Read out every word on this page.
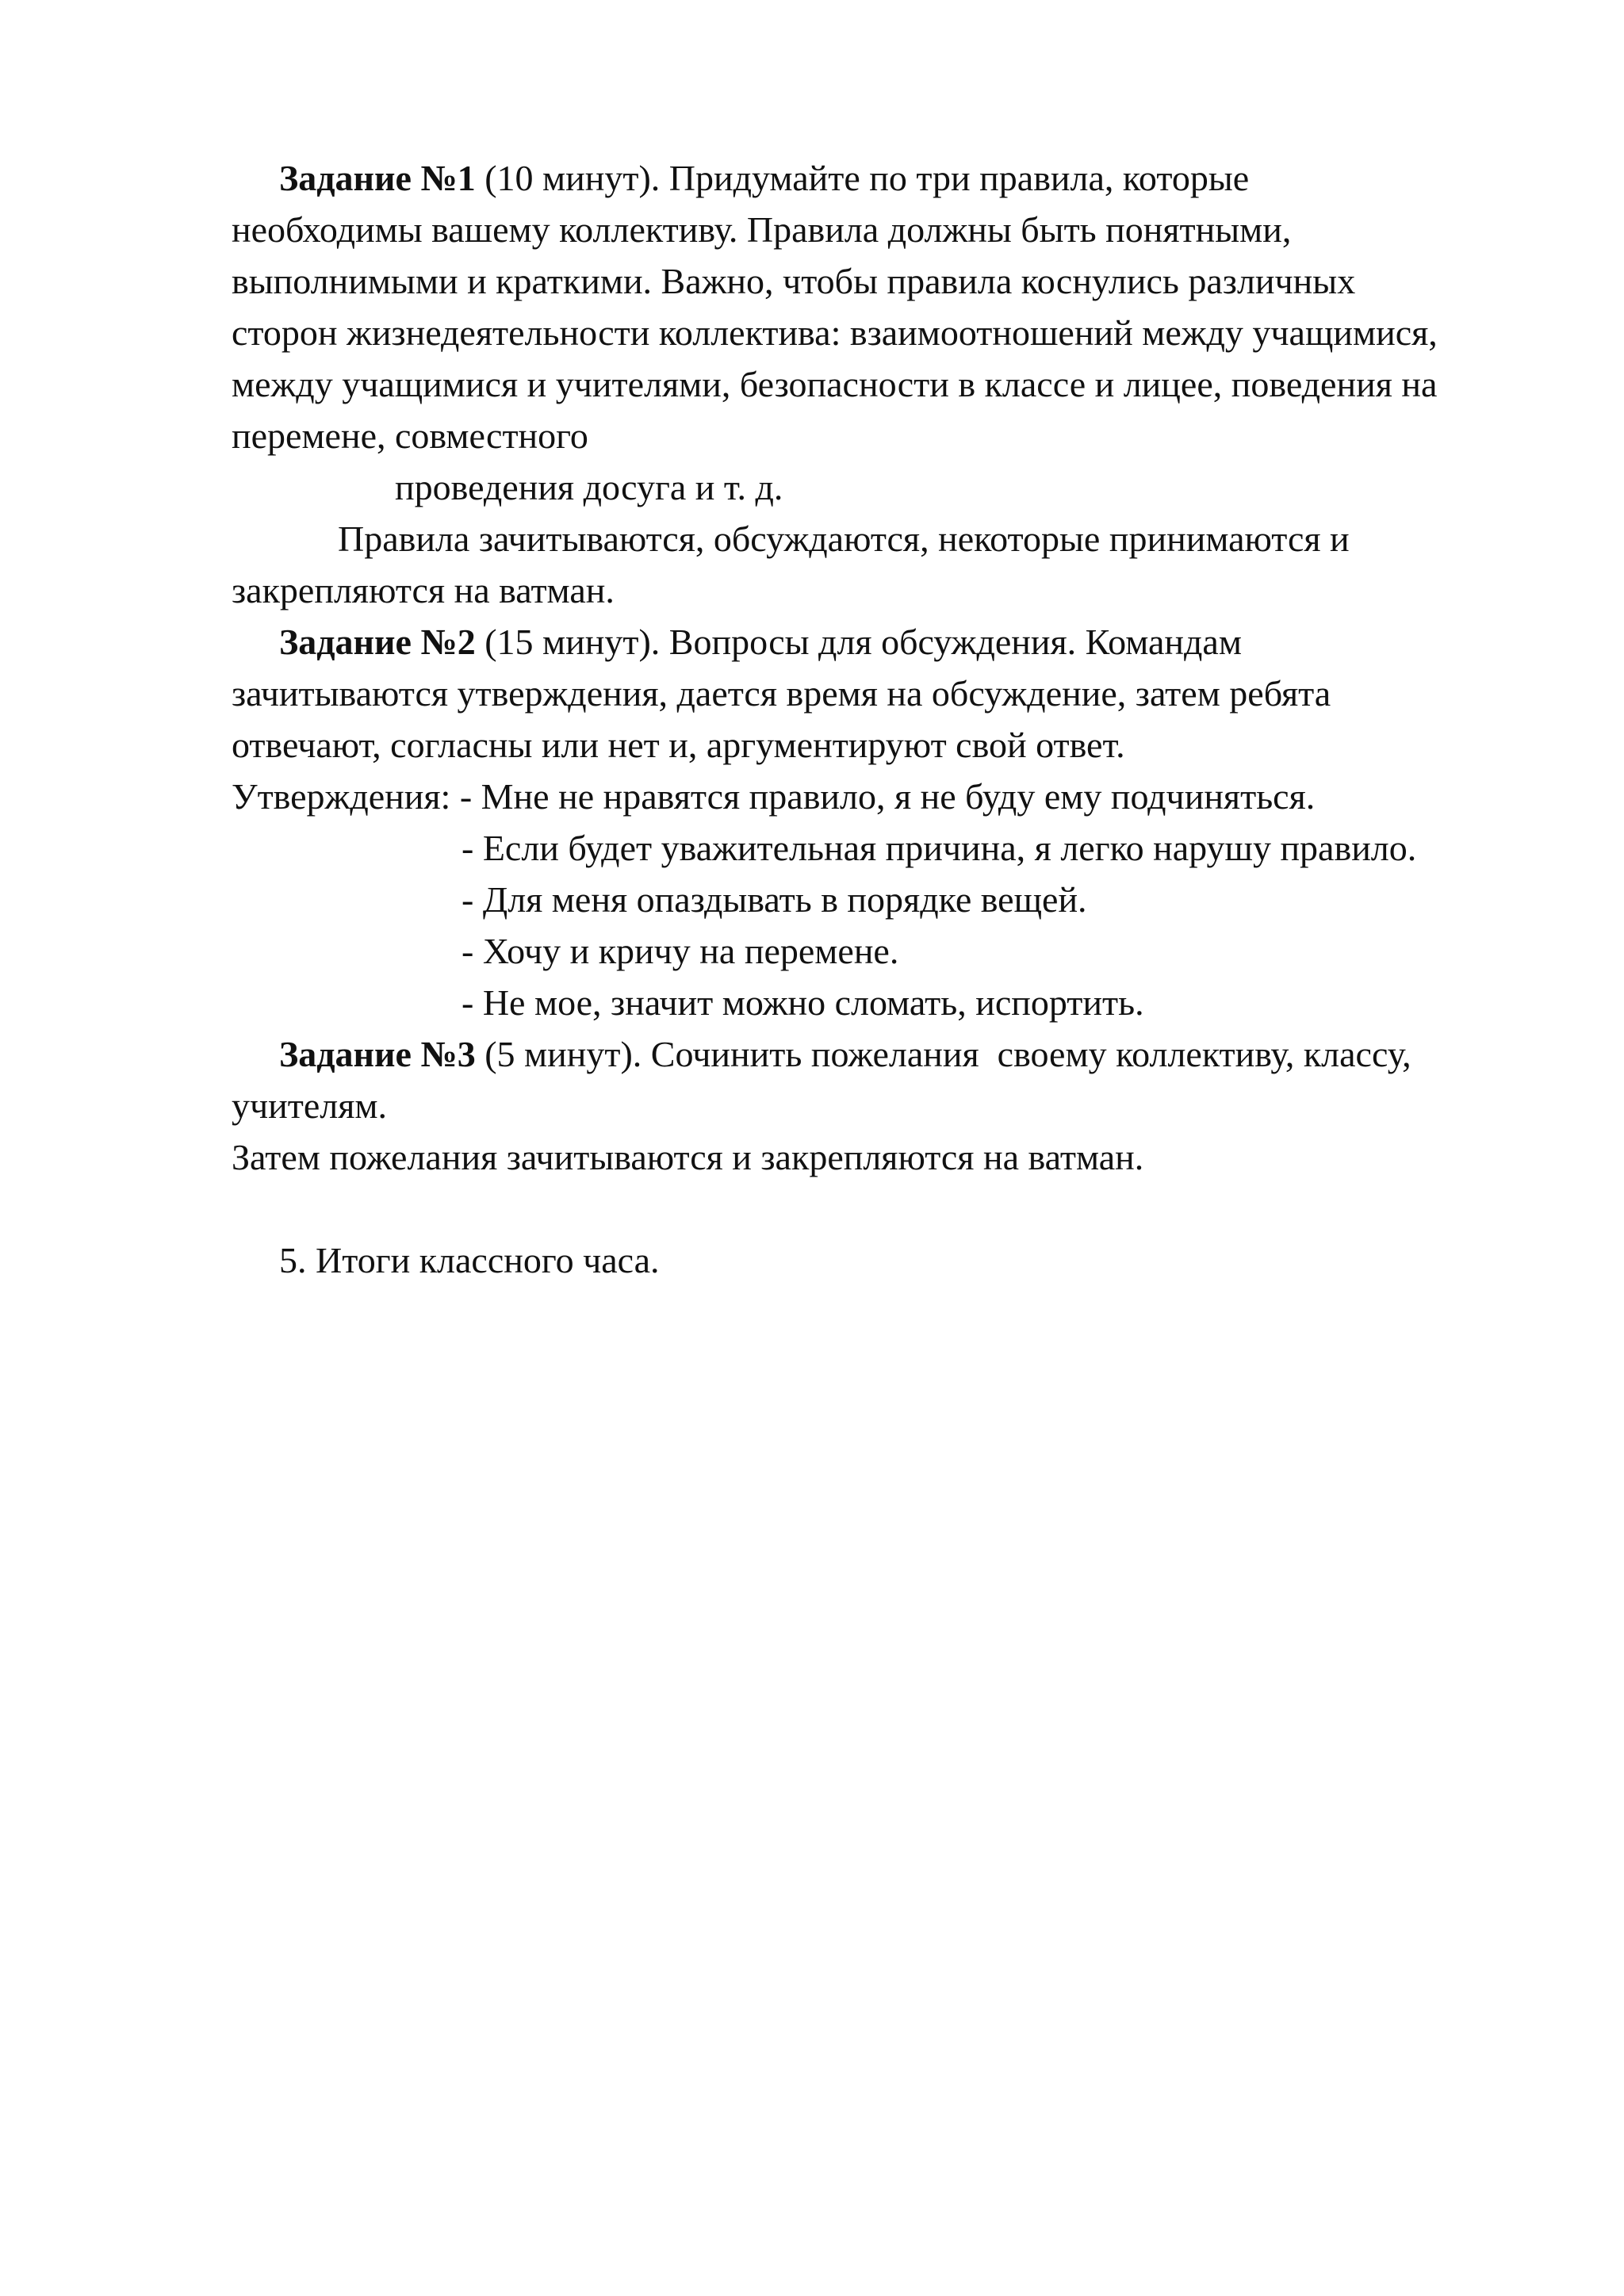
Задание №1 (10 минут). Придумайте по три правила, которые
необходимы вашему коллективу. Правила должны быть понятными,
выполнимыми и краткими. Важно, чтобы правила коснулись различных
сторон жизнедеятельности коллектива: взаимоотношений между учащимися,
между учащимися и учителями, безопасности в классе и лицее, поведения на
перемене, совместного
проведения досуга и т. д.
Правила зачитываются, обсуждаются, некоторые принимаются и
закрепляются на ватман.
Задание №2 (15 минут). Вопросы для обсуждения. Командам
зачитываются утверждения, дается время на обсуждение, затем ребята
отвечают, согласны или нет и, аргументируют свой ответ.
Утверждения: - Мне не нравятся правило, я не буду ему подчиняться.
- Если будет уважительная причина, я легко нарушу правило.
- Для меня опаздывать в порядке вещей.
- Хочу и кричу на перемене.
- Не мое, значит можно сломать, испортить.
Задание №3 (5 минут). Сочинить пожелания  своему коллективу, классу,
учителям.
Затем пожелания зачитываются и закрепляются на ватман.
5. Итоги классного часа.
